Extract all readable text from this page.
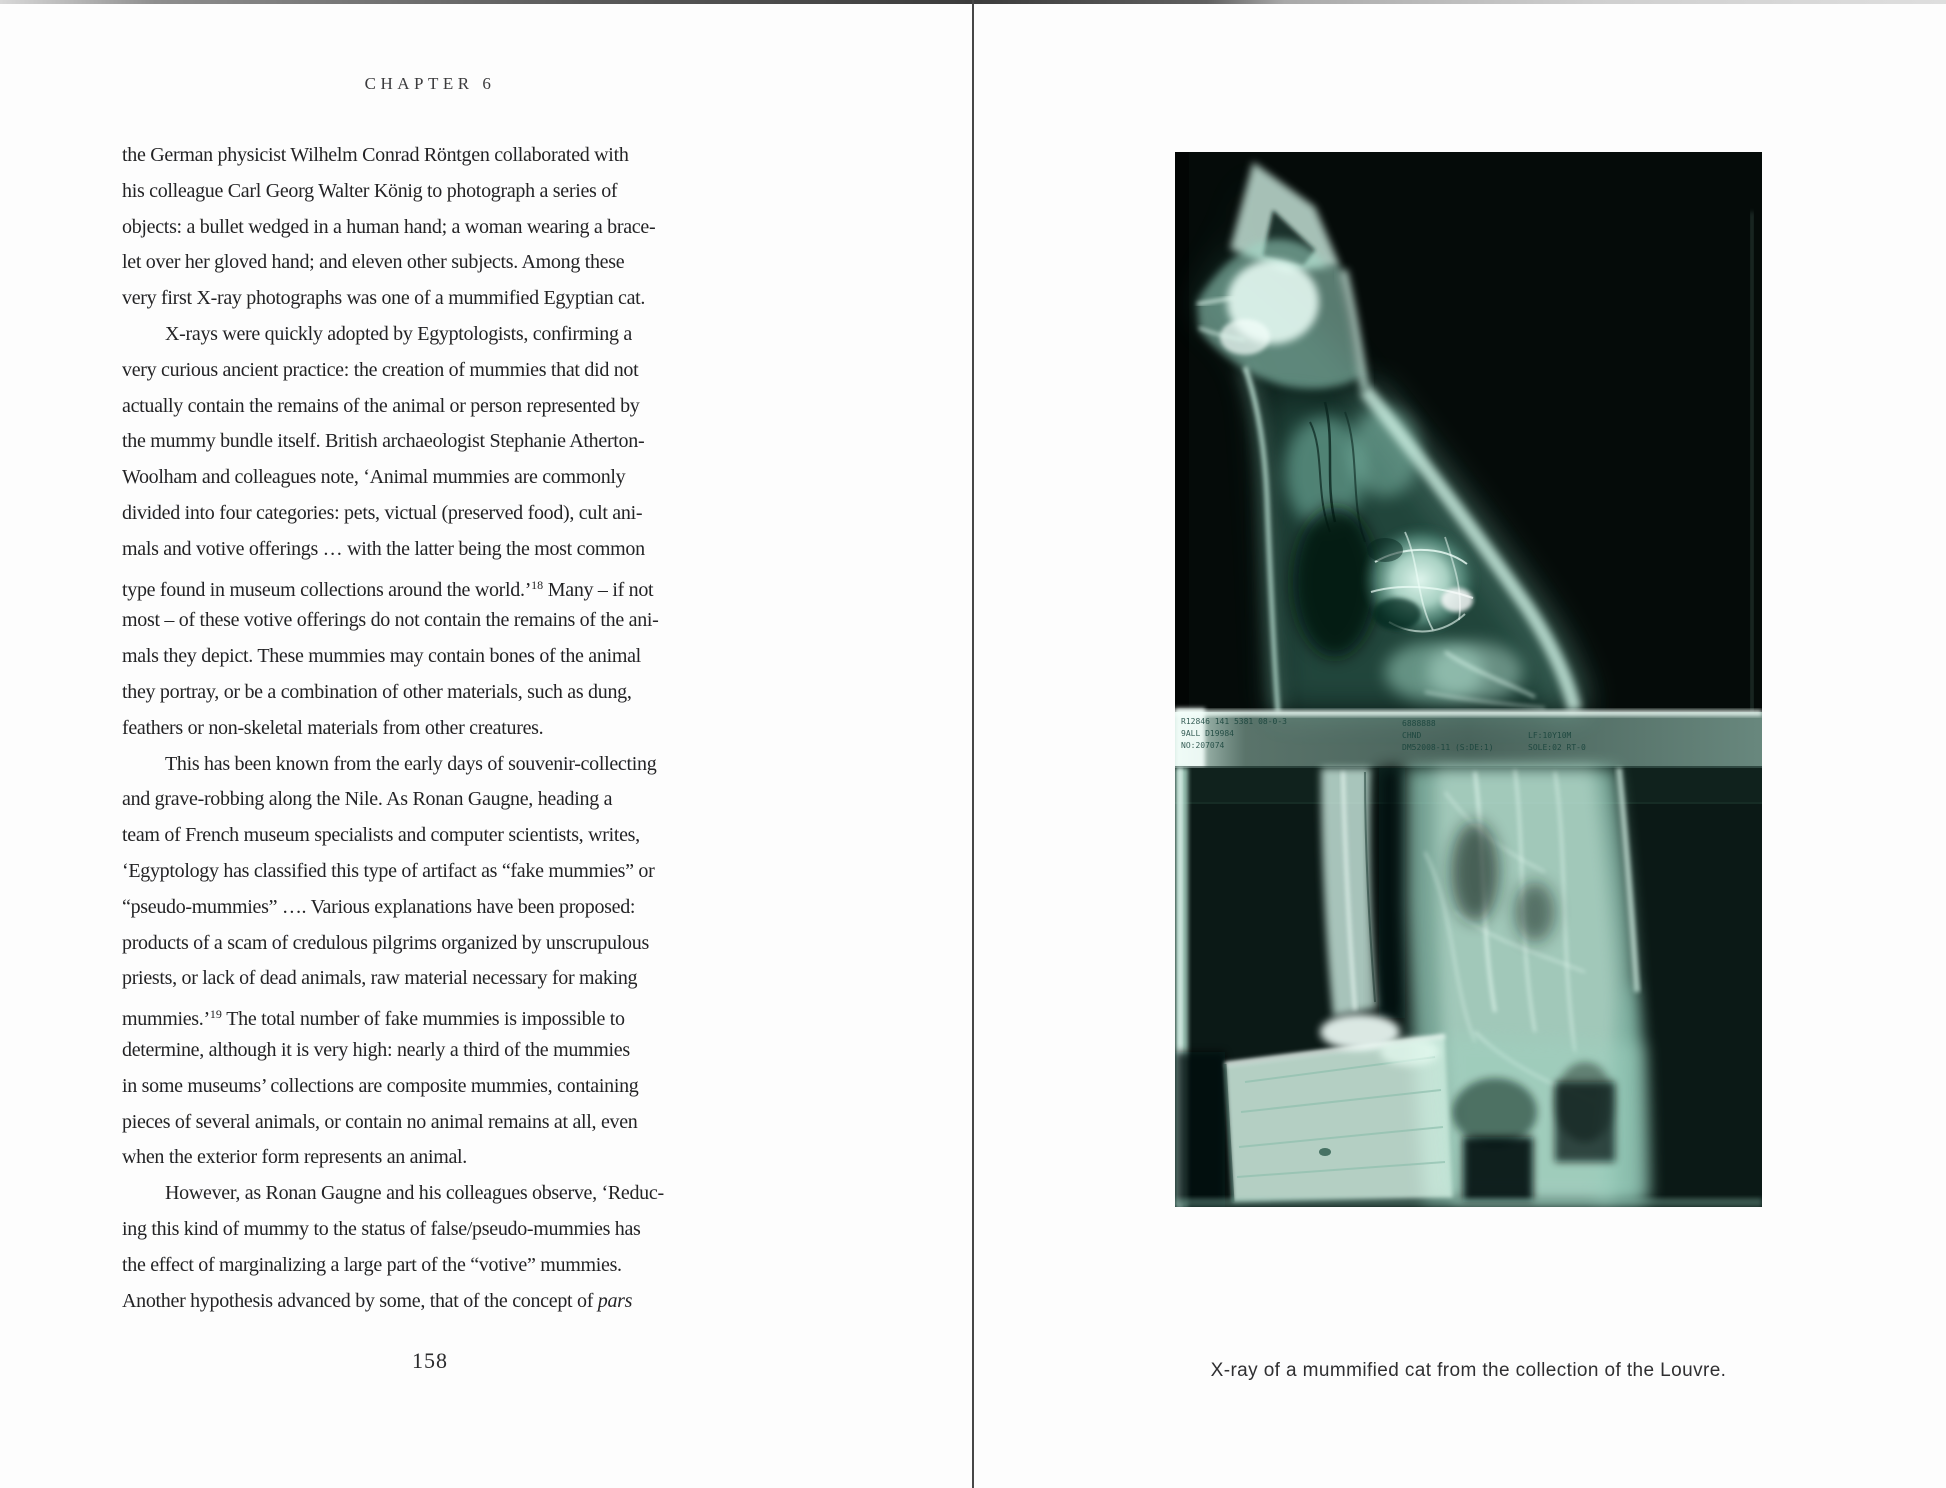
CHAPTER 6
the German physicist Wilhelm Conrad Röntgen collaborated with
his colleague Carl Georg Walter König to photograph a series of
objects: a bullet wedged in a human hand; a woman wearing a brace-
let over her gloved hand; and eleven other subjects. Among these
very first X-ray photographs was one of a mummified Egyptian cat.
X-rays were quickly adopted by Egyptologists, confirming a
very curious ancient practice: the creation of mummies that did not
actually contain the remains of the animal or person represented by
the mummy bundle itself. British archaeologist Stephanie Atherton-
Woolham and colleagues note, ‘Animal mummies are commonly
divided into four categories: pets, victual (preserved food), cult ani-
mals and votive offerings … with the latter being the most common
type found in museum collections around the world.’$^{18}$ Many – if not
most – of these votive offerings do not contain the remains of the ani-
mals they depict. These mummies may contain bones of the animal
they portray, or be a combination of other materials, such as dung,
feathers or non-skeletal materials from other creatures.
This has been known from the early days of souvenir-collecting
and grave-robbing along the Nile. As Ronan Gaugne, heading a
team of French museum specialists and computer scientists, writes,
‘Egyptology has classified this type of artifact as “fake mummies” or
“pseudo-mummies” …. Various explanations have been proposed:
products of a scam of credulous pilgrims organized by unscrupulous
priests, or lack of dead animals, raw material necessary for making
mummies.’$^{19}$ The total number of fake mummies is impossible to
determine, although it is very high: nearly a third of the mummies
in some museums’ collections are composite mummies, containing
pieces of several animals, or contain no animal remains at all, even
when the exterior form represents an animal.
However, as Ronan Gaugne and his colleagues observe, ‘Reduc-
ing this kind of mummy to the status of false/pseudo-mummies has
the effect of marginalizing a large part of the “votive” mummies.
Another hypothesis advanced by some, that of the concept of pars
158
R12846 141 5381 08-0-3
9ALL D19984
NO:207074
6888888
CHND	LF:10Y10M
DM52008-11 (S:DE:1)	SOLE:02 RT-0
X-ray of a mummified cat from the collection of the Louvre.
